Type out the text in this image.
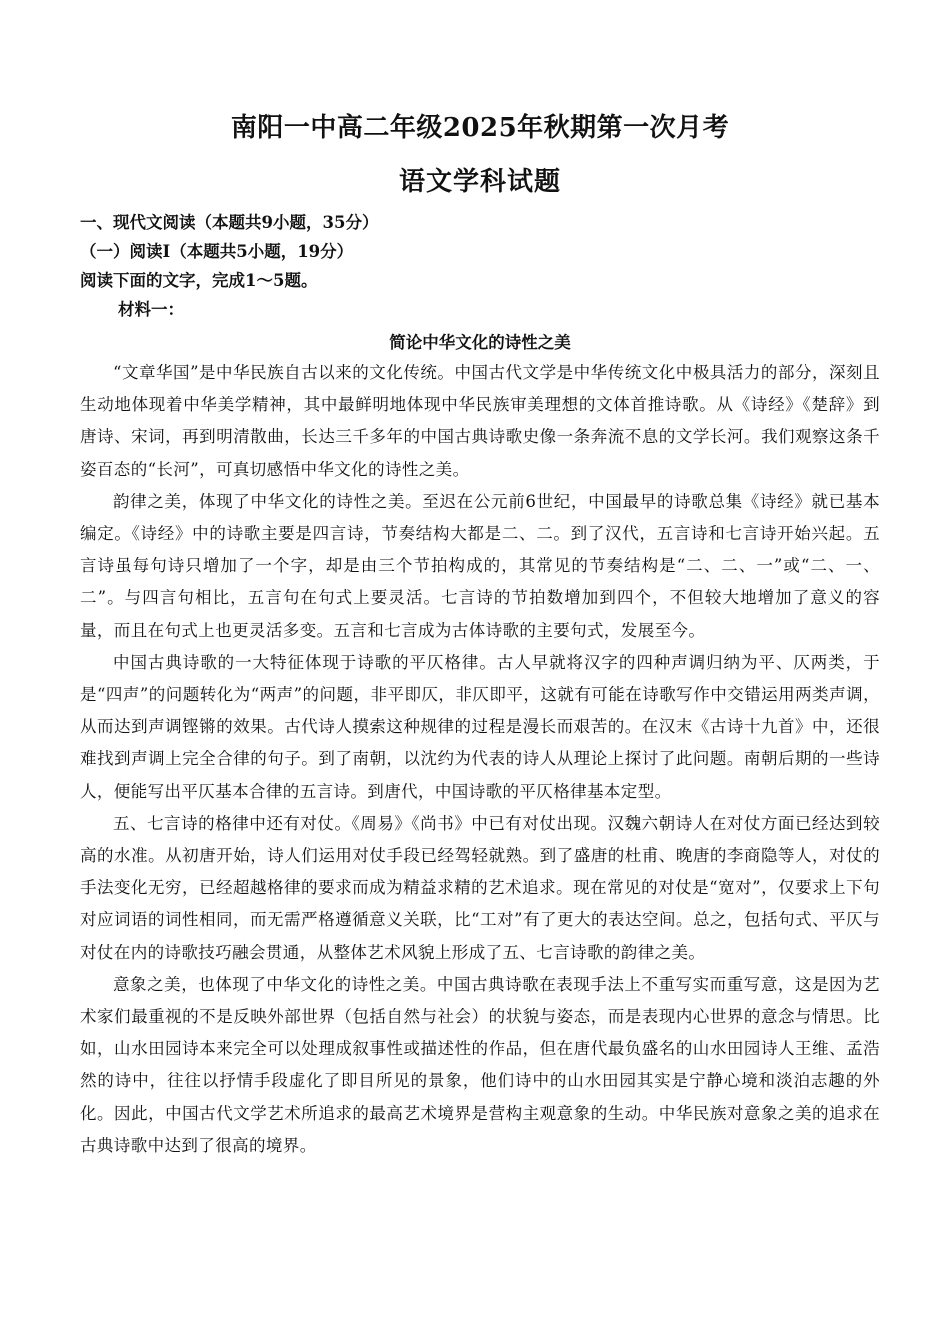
南阳一中高二年级2025年秋期第一次月考
语文学科试题

一、现代文阅读（本题共9小题，35分）

（一）阅读Ⅰ（本题共5小题，19分）

阅读下面的文字，完成1～5题。

材料一：

简论中华文化的诗性之美

“文章华国”是中华民族自古以来的文化传统。中国古代文学是中华传统文化中极具活力的部分，深刻且生动地体现着中华美学精神，其中最鲜明地体现中华民族审美理想的文体首推诗歌。从《诗经》《楚辞》到唐诗、宋词，再到明清散曲，长达三千多年的中国古典诗歌史像一条奔流不息的文学长河。我们观察这条千姿百态的“长河”，可真切感悟中华文化的诗性之美。

韵律之美，体现了中华文化的诗性之美。至迟在公元前6世纪，中国最早的诗歌总集《诗经》就已基本编定。《诗经》中的诗歌主要是四言诗，节奏结构大都是二、二。到了汉代，五言诗和七言诗开始兴起。五言诗虽每句诗只增加了一个字，却是由三个节拍构成的，其常见的节奏结构是“二、二、一”或“二、一、二”。与四言句相比，五言句在句式上要灵活。七言诗的节拍数增加到四个，不但较大地增加了意义的容量，而且在句式上也更灵活多变。五言和七言成为古体诗歌的主要句式，发展至今。

中国古典诗歌的一大特征体现于诗歌的平仄格律。古人早就将汉字的四种声调归纳为平、仄两类，于是“四声”的问题转化为“两声”的问题，非平即仄，非仄即平，这就有可能在诗歌写作中交错运用两类声调，从而达到声调铿锵的效果。古代诗人摸索这种规律的过程是漫长而艰苦的。在汉末《古诗十九首》中，还很难找到声调上完全合律的句子。到了南朝，以沈约为代表的诗人从理论上探讨了此问题。南朝后期的一些诗人，便能写出平仄基本合律的五言诗。到唐代，中国诗歌的平仄格律基本定型。

五、七言诗的格律中还有对仗。《周易》《尚书》中已有对仗出现。汉魏六朝诗人在对仗方面已经达到较高的水准。从初唐开始，诗人们运用对仗手段已经驾轻就熟。到了盛唐的杜甫、晚唐的李商隐等人，对仗的手法变化无穷，已经超越格律的要求而成为精益求精的艺术追求。现在常见的对仗是“宽对”，仅要求上下句对应词语的词性相同，而无需严格遵循意义关联，比“工对”有了更大的表达空间。总之，包括句式、平仄与对仗在内的诗歌技巧融会贯通，从整体艺术风貌上形成了五、七言诗歌的韵律之美。

意象之美，也体现了中华文化的诗性之美。中国古典诗歌在表现手法上不重写实而重写意，这是因为艺术家们最重视的不是反映外部世界（包括自然与社会）的状貌与姿态，而是表现内心世界的意念与情思。比如，山水田园诗本来完全可以处理成叙事性或描述性的作品，但在唐代最负盛名的山水田园诗人王维、孟浩然的诗中，往往以抒情手段虚化了即目所见的景象，他们诗中的山水田园其实是宁静心境和淡泊志趣的外化。因此，中国古代文学艺术所追求的最高艺术境界是营构主观意象的生动。中华民族对意象之美的追求在古典诗歌中达到了很高的境界。
